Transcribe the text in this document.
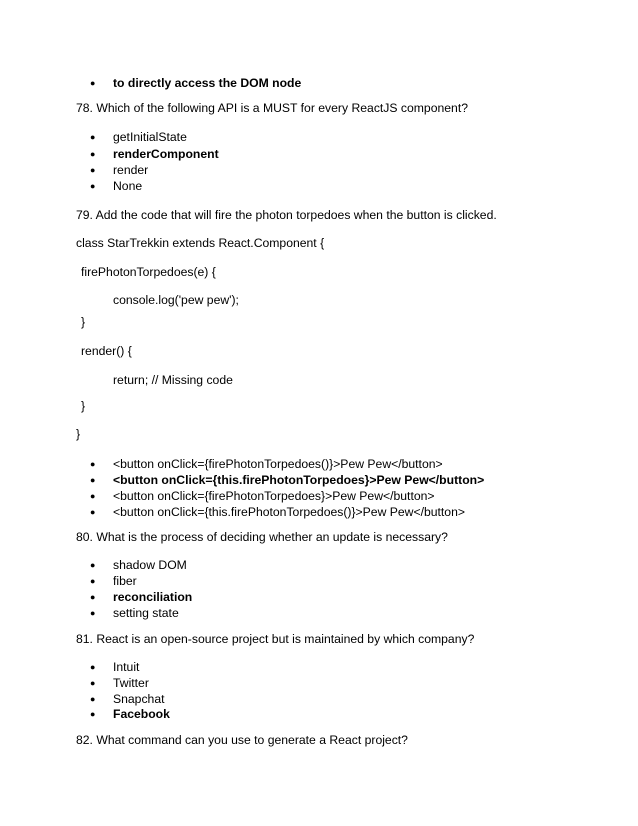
● to directly access the DOM node
78. Which of the following API is a MUST for every ReactJS component?
● getInitialState
● renderComponent
● render
● None
79. Add the code that will fire the photon torpedoes when the button is clicked.
class StarTrekkin extends React.Component {
firePhotonTorpedoes(e) {
console.log('pew pew');
}
render() {
return; // Missing code
}
}
● <button onClick={firePhotonTorpedoes()}>Pew Pew</button>
● <button onClick={this.firePhotonTorpedoes}>Pew Pew</button>
● <button onClick={firePhotonTorpedoes}>Pew Pew</button>
● <button onClick={this.firePhotonTorpedoes()}>Pew Pew</button>
80. What is the process of deciding whether an update is necessary?
● shadow DOM
● fiber
● reconciliation
● setting state
81. React is an open-source project but is maintained by which company?
● Intuit
● Twitter
● Snapchat
● Facebook
82. What command can you use to generate a React project?
